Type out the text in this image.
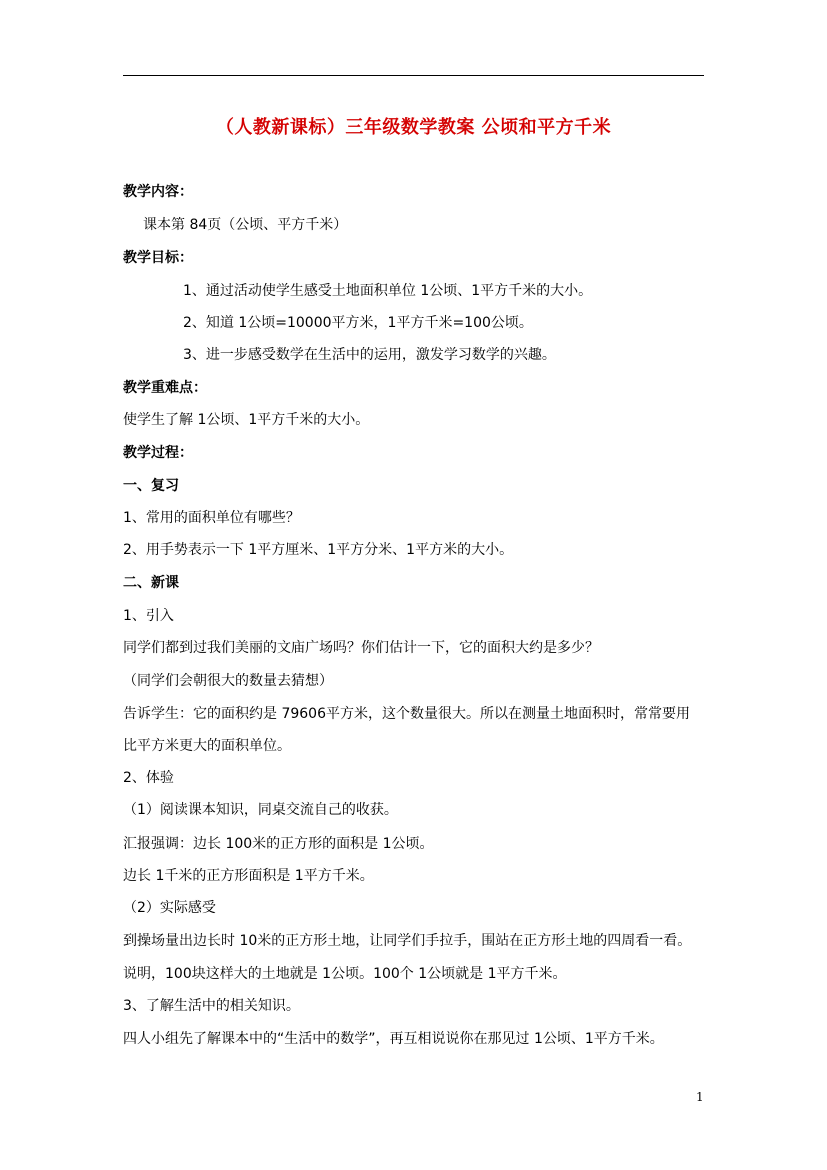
（人教新课标）三年级数学教案 公顷和平方千米
教学内容：
课本第 84页（公顷、平方千米）
教学目标：
1、通过活动使学生感受土地面积单位 1公顷、1平方千米的大小。
2、知道 1公顷=10000平方米，1平方千米=100公顷。
3、进一步感受数学在生活中的运用，激发学习数学的兴趣。
教学重难点：
使学生了解 1公顷、1平方千米的大小。
教学过程：
一、复习
1、常用的面积单位有哪些？
2、用手势表示一下 1平方厘米、1平方分米、1平方米的大小。
二、新课
1、引入
同学们都到过我们美丽的文庙广场吗？你们估计一下，它的面积大约是多少？
（同学们会朝很大的数量去猜想）
告诉学生：它的面积约是 79606平方米，这个数量很大。所以在测量土地面积时，常常要用
比平方米更大的面积单位。
2、体验
（1）阅读课本知识，同桌交流自己的收获。
汇报强调：边长 100米的正方形的面积是 1公顷。
边长 1千米的正方形面积是 1平方千米。
（2）实际感受
到操场量出边长时 10米的正方形土地，让同学们手拉手，围站在正方形土地的四周看一看。
说明，100块这样大的土地就是 1公顷。100个 1公顷就是 1平方千米。
3、了解生活中的相关知识。
四人小组先了解课本中的“生活中的数学”，再互相说说你在那见过 1公顷、1平方千米。
1
